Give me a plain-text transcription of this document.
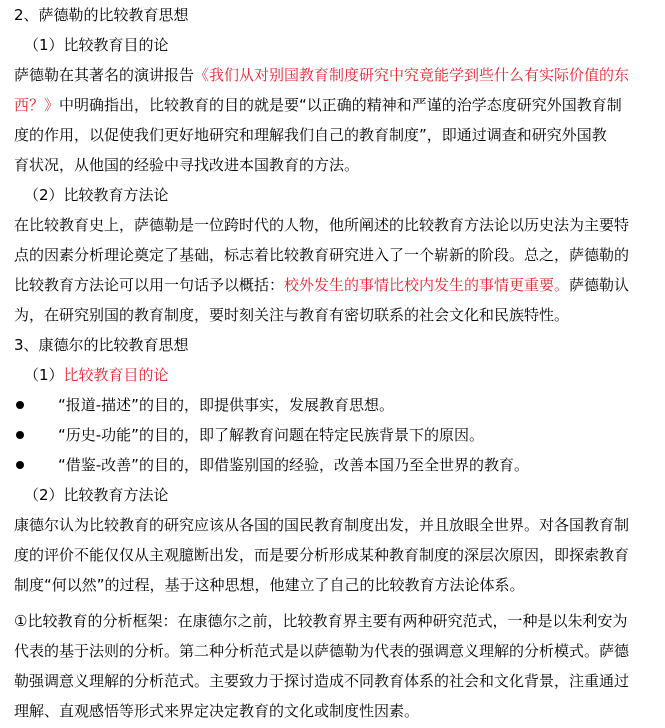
2、萨德勒的比较教育思想
（1）比较教育目的论
萨德勒在其著名的演讲报告《我们从对别国教育制度研究中究竟能学到些什么有实际价值的东
西？》中明确指出，比较教育的目的就是要“以正确的精神和严谨的治学态度研究外国教育制
度的作用，以促使我们更好地研究和理解我们自己的教育制度”，即通过调查和研究外国教
育状况，从他国的经验中寻找改进本国教育的方法。
（2）比较教育方法论
在比较教育史上，萨德勒是一位跨时代的人物，他所阐述的比较教育方法论以历史法为主要特
点的因素分析理论奠定了基础，标志着比较教育研究进入了一个崭新的阶段。总之，萨德勒的
比较教育方法论可以用一句话予以概括：校外发生的事情比校内发生的事情更重要。萨德勒认
为，在研究别国的教育制度，要时刻关注与教育有密切联系的社会文化和民族特性。
3、康德尔的比较教育思想
（1）比较教育目的论
“报道-描述”的目的，即提供事实，发展教育思想。
“历史-功能”的目的，即了解教育问题在特定民族背景下的原因。
“借鉴-改善”的目的，即借鉴别国的经验，改善本国乃至全世界的教育。
（2）比较教育方法论
康德尔认为比较教育的研究应该从各国的国民教育制度出发，并且放眼全世界。对各国教育制
度的评价不能仅仅从主观臆断出发，而是要分析形成某种教育制度的深层次原因，即探索教育
制度“何以然”的过程，基于这种思想，他建立了自己的比较教育方法论体系。
①比较教育的分析框架：在康德尔之前，比较教育界主要有两种研究范式，一种是以朱利安为
代表的基于法则的分析。第二种分析范式是以萨德勒为代表的强调意义理解的分析模式。萨德
勒强调意义理解的分析范式。主要致力于探讨造成不同教育体系的社会和文化背景，注重通过
理解、直观感悟等形式来界定决定教育的文化或制度性因素。
